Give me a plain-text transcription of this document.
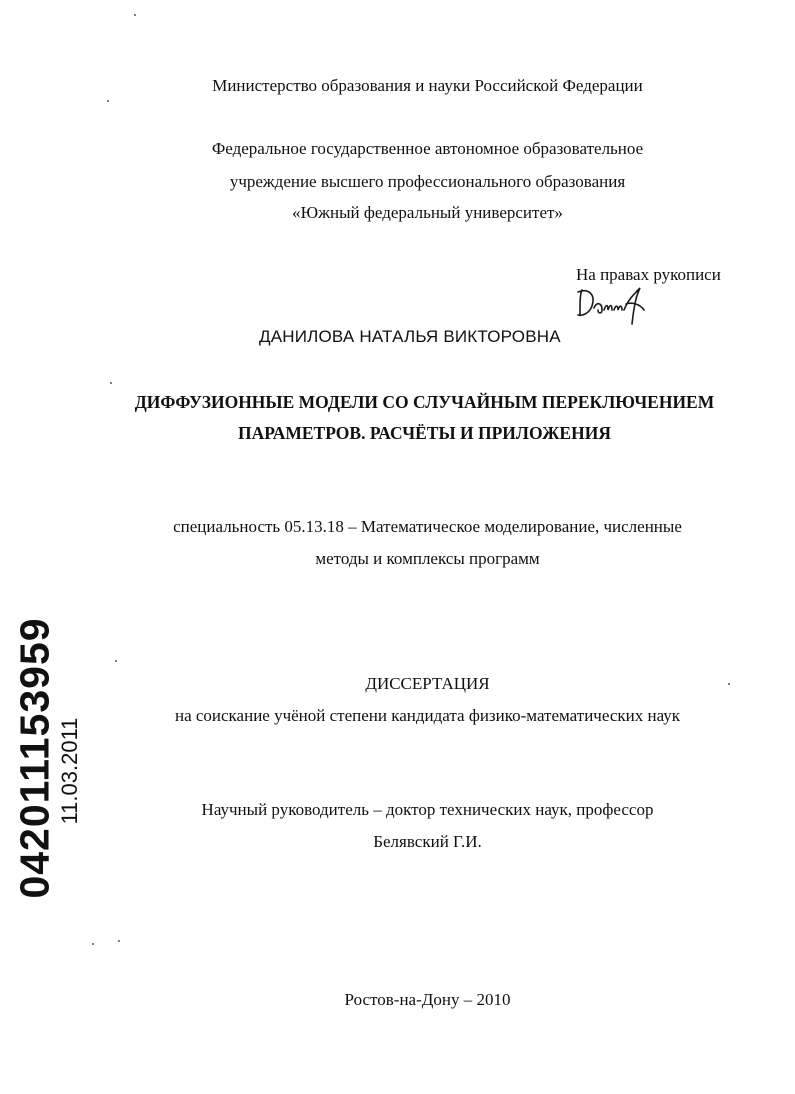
Министерство образования и науки Российской Федерации
Федеральное государственное автономное образовательное
учреждение высшего профессионального образования
«Южный федеральный университет»
На правах рукописи
ДАНИЛОВА НАТАЛЬЯ ВИКТОРОВНА
ДИФФУЗИОННЫЕ МОДЕЛИ СО СЛУЧАЙНЫМ ПЕРЕКЛЮЧЕНИЕМ
ПАРАМЕТРОВ. РАСЧЁТЫ И ПРИЛОЖЕНИЯ
специальность 05.13.18 – Математическое моделирование, численные
методы и комплексы программ
ДИССЕРТАЦИЯ
на соискание учёной степени кандидата физико-математических наук
Научный руководитель – доктор технических наук, профессор
Белявский Г.И.
Ростов-на-Дону – 2010
042011153959 11.03.2011
